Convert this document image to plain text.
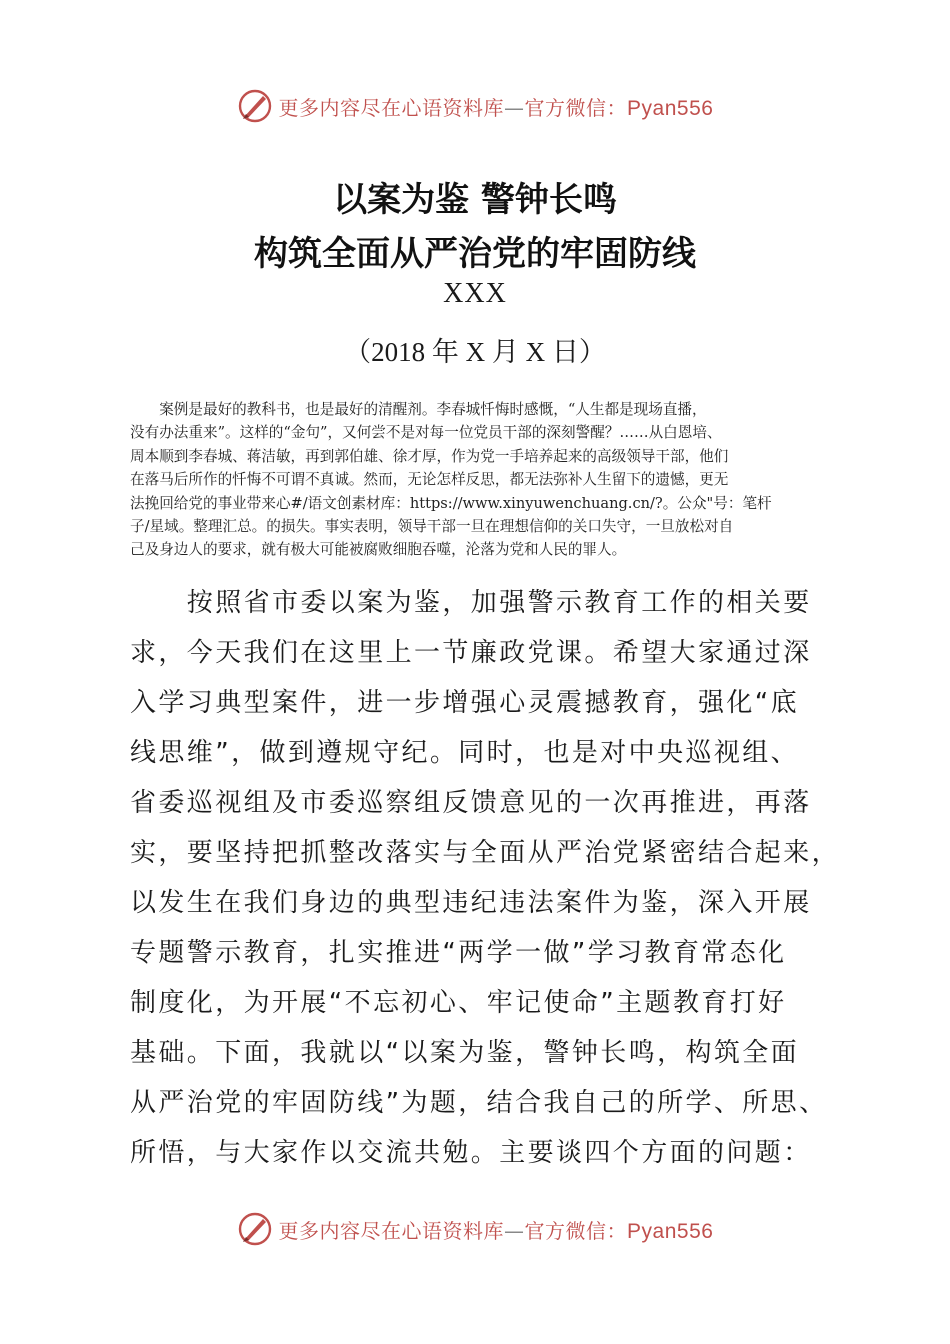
更多内容尽在心语资料库—官方微信：Pyan556
以案为鉴 警钟长鸣
构筑全面从严治党的牢固防线
XXX
（2018 年 X 月 X 日）
　　案例是最好的教科书，也是最好的清醒剂。李春城忏悔时感慨，“人生都是现场直播，
没有办法重来”。这样的“金句”，又何尝不是对每一位党员干部的深刻警醒？……从白恩培、
周本顺到李春城、蒋洁敏，再到郭伯雄、徐才厚，作为党一手培养起来的高级领导干部，他们
在落马后所作的忏悔不可谓不真诚。然而，无论怎样反思，都无法弥补人生留下的遗憾，更无
法挽回给党的事业带来心#/语文创素材库：https://www.xinyuwenchuang.cn/?。公众"号：笔杆
子/星域。整理汇总。的损失。事实表明，领导干部一旦在理想信仰的关口失守，一旦放松对自
己及身边人的要求，就有极大可能被腐败细胞吞噬，沦落为党和人民的罪人。
　　按照省市委以案为鉴，加强警示教育工作的相关要
求，今天我们在这里上一节廉政党课。希望大家通过深
入学习典型案件，进一步增强心灵震撼教育，强化“底
线思维”，做到遵规守纪。同时，也是对中央巡视组、
省委巡视组及市委巡察组反馈意见的一次再推进，再落
实，要坚持把抓整改落实与全面从严治党紧密结合起来，
以发生在我们身边的典型违纪违法案件为鉴，深入开展
专题警示教育，扎实推进“两学一做”学习教育常态化
制度化，为开展“不忘初心、牢记使命”主题教育打好
基础。下面，我就以“以案为鉴，警钟长鸣，构筑全面
从严治党的牢固防线”为题，结合我自己的所学、所思、
所悟，与大家作以交流共勉。主要谈四个方面的问题：
更多内容尽在心语资料库—官方微信：Pyan556
